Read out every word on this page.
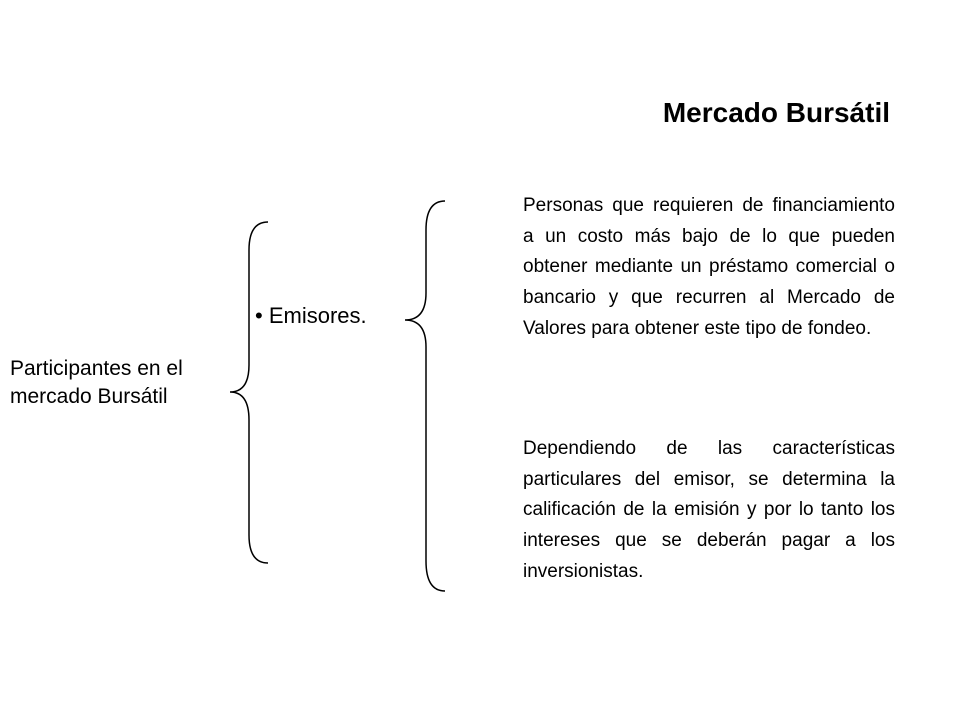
Mercado Bursátil
Participantes en el
mercado Bursátil
• Emisores.

Personas que requieren de financiamiento a un costo más bajo de lo que pueden obtener mediante un préstamo comercial o bancario y que recurren al Mercado de Valores para obtener este tipo de fondeo.

Dependiendo de las características particulares del emisor, se determina la calificación de la emisión y por lo tanto los intereses que se deberán pagar a los inversionistas.
